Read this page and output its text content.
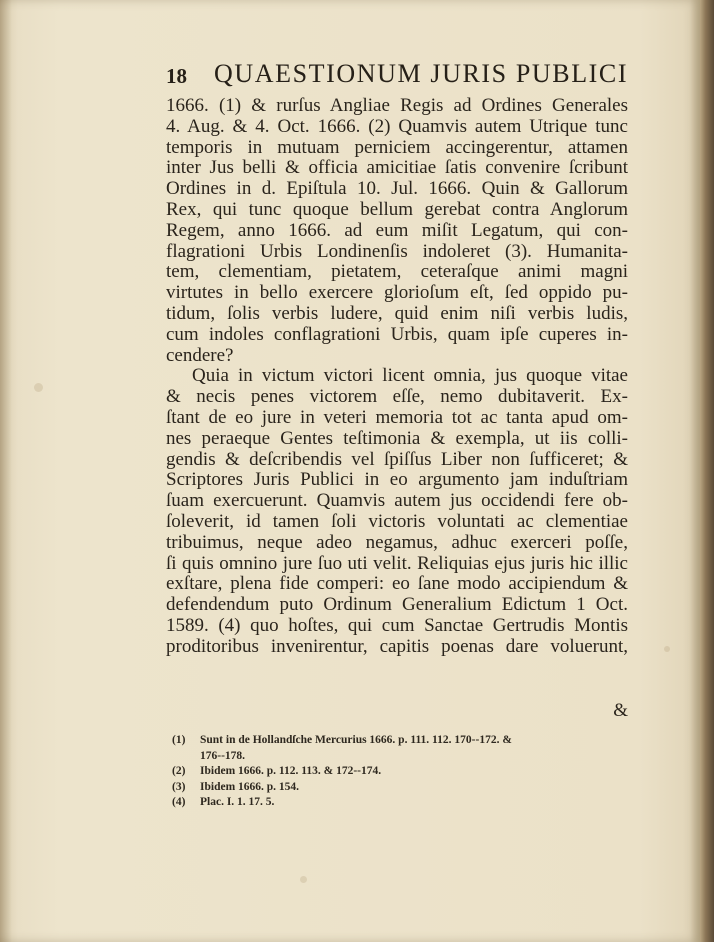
18 QUAESTIONUM JURIS PUBLICI
1666. (1) & rurſus Angliae Regis ad Ordines Generales
4. Aug. & 4. Oct. 1666. (2) Quamvis autem Utrique tunc
temporis in mutuam perniciem accingerentur, attamen
inter Jus belli & officia amicitiae ſatis convenire ſcribunt
Ordines in d. Epiſtula 10. Jul. 1666. Quin & Gallorum
Rex, qui tunc quoque bellum gerebat contra Anglorum
Regem, anno 1666. ad eum miſit Legatum, qui con-
flagrationi Urbis Londinenſis indoleret (3). Humanita-
tem, clementiam, pietatem, ceteraſque animi magni
virtutes in bello exercere glorioſum eſt, ſed oppido pu-
tidum, ſolis verbis ludere, quid enim niſi verbis ludis,
cum indoles conflagrationi Urbis, quam ipſe cuperes in-
cendere?
Quia in victum victori licent omnia, jus quoque vitae
& necis penes victorem eſſe, nemo dubitaverit. Ex-
ſtant de eo jure in veteri memoria tot ac tanta apud om-
nes peraeque Gentes teſtimonia & exempla, ut iis colli-
gendis & deſcribendis vel ſpiſſus Liber non ſufficeret; &
Scriptores Juris Publici in eo argumento jam induſtriam
ſuam exercuerunt. Quamvis autem jus occidendi fere ob-
ſoleverit, id tamen ſoli victoris voluntati ac clementiae
tribuimus, neque adeo negamus, adhuc exerceri poſſe,
ſi quis omnino jure ſuo uti velit. Reliquias ejus juris hic illic
exſtare, plena fide comperi: eo ſane modo accipiendum &
defendendum puto Ordinum Generalium Edictum 1 Oct.
1589. (4) quo hoſtes, qui cum Sanctae Gertrudis Montis
proditoribus invenirentur, capitis poenas dare voluerunt,
&
(1) Sunt in de Hollandſche Mercurius 1666. p. 111. 112. 170--172. &
176--178.
(2) Ibidem 1666. p. 112. 113. & 172--174.
(3) Ibidem 1666. p. 154.
(4) Plac. I. 1. 17. 5.
